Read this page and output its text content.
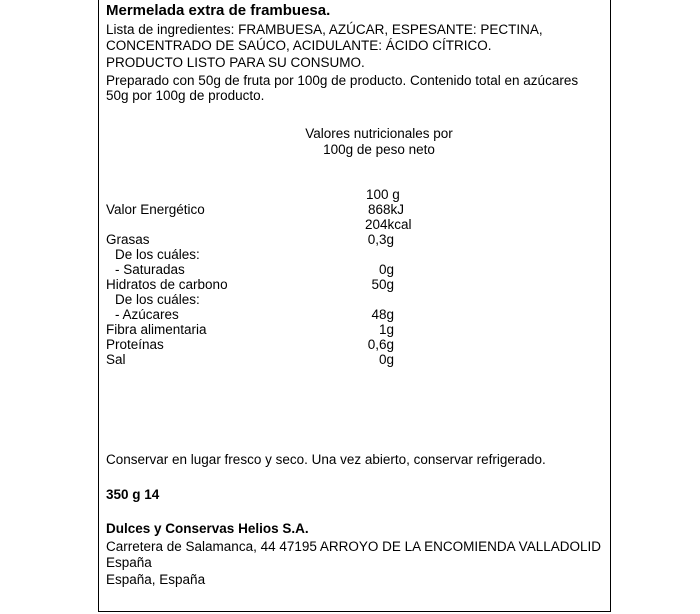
Mermelada extra de frambuesa.
Lista de ingredientes: FRAMBUESA, AZÚCAR, ESPESANTE: PECTINA,
CONCENTRADO DE SAÚCO, ACIDULANTE: ÁCIDO CÍTRICO.
PRODUCTO LISTO PARA SU CONSUMO.
Preparado con 50g de fruta por 100g de producto. Contenido total en azúcares
50g por 100g de producto.
Valores nutricionales por
100g de peso neto
100 g
Valor Energético	868kJ
204kcal
Grasas	0,3g
De los cuáles:
- Saturadas	0g
Hidratos de carbono	50g
De los cuáles:
- Azúcares	48g
Fibra alimentaria	1g
Proteínas	0,6g
Sal	0g
Conservar en lugar fresco y seco. Una vez abierto, conservar refrigerado.
350 g 14
Dulces y Conservas Helios S.A.
Carretera de Salamanca, 44 47195 ARROYO DE LA ENCOMIENDA VALLADOLID
España
España, España
